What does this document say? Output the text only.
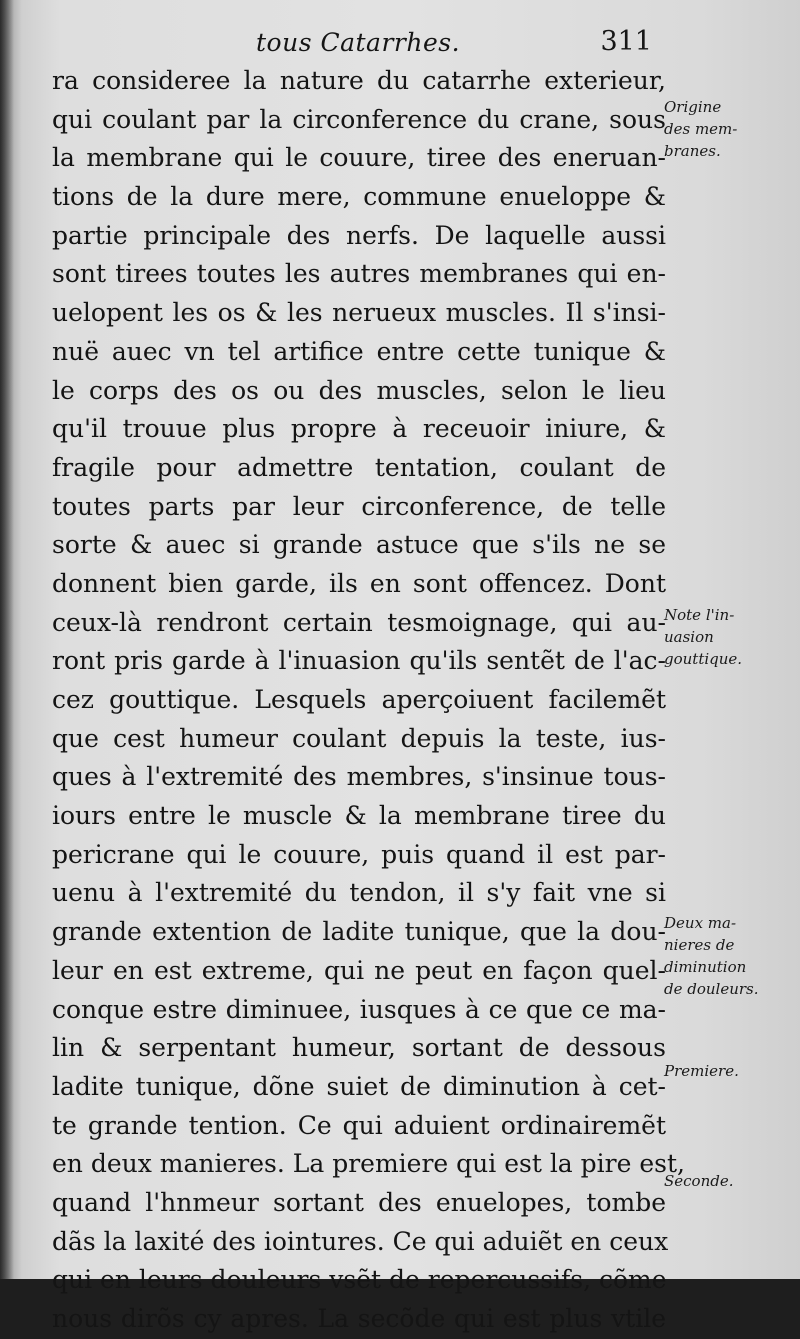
tous Catarrhes.	311
ra consideree la nature du catarrhe exterieur,
qui coulant par la circonference du crane, sous
la membrane qui le couure, tiree des eneruan-
tions de la dure mere, commune enueloppe &
partie principale des nerfs. De laquelle aussi
sont tirees toutes les autres membranes qui en-
uelopent les os & les nerueux muscles. Il s'insi-
nuë auec vn tel artifice entre cette tunique &
le corps des os ou des muscles, selon le lieu
qu'il trouue plus propre à receuoir iniure, &
fragile pour admettre tentation, coulant de
toutes parts par leur circonference, de telle
sorte & auec si grande astuce que s'ils ne se
donnent bien garde, ils en sont offencez. Dont
ceux-là rendront certain tesmoignage, qui au-
ront pris garde à l'inuasion qu'ils sentẽt de l'ac-
cez gouttique. Lesquels aperçoiuent facilemẽt
que cest humeur coulant depuis la teste, ius-
ques à l'extremité des membres, s'insinue tous-
iours entre le muscle & la membrane tiree du
pericrane qui le couure, puis quand il est par-
uenu à l'extremité du tendon, il s'y fait vne si
grande extention de ladite tunique, que la dou-
leur en est extreme, qui ne peut en façon quel-
conque estre diminuee, iusques à ce que ce ma-
lin & serpentant humeur, sortant de dessous
ladite tunique, dõne suiet de diminution à cet-
te grande tention. Ce qui aduient ordinairemẽt
en deux manieres. La premiere qui est la pire est,
quand l'hnmeur sortant des enuelopes, tombe
dãs la laxité des iointures. Ce qui aduiẽt en ceux
qui en leurs douleurs vsẽt de repercussifs, cõme
nous dirõs cy apres. La secõde qui est plus vtile
Origine
des mem-
branes.
Note l'in-
uasion
gouttique.
Deux ma-
nieres de
diminution
de douleurs.
Premiere.
Seconde.
